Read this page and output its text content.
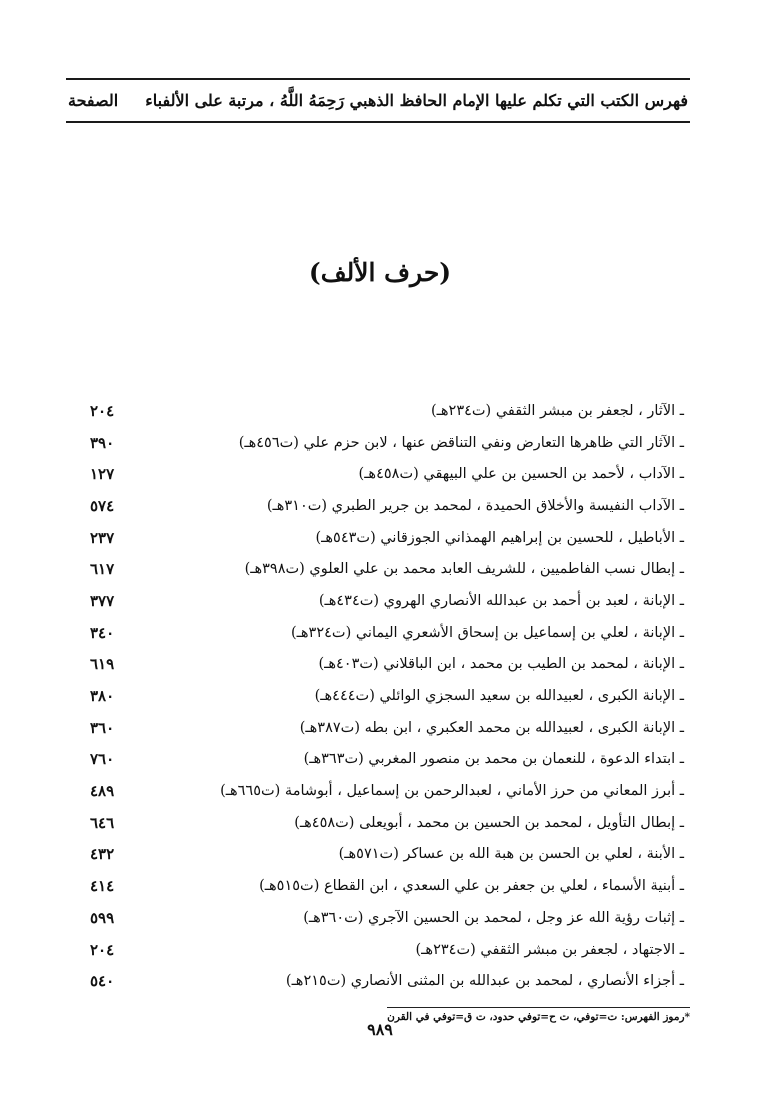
فهرس الكتب التي تكلم عليها الإمام الحافظ الذهبي رَحِمَهُ اللَّهُ ، مرتبة على الألفباء
الصفحة
(حرف الألف)
ـ الآثار ، لجعفر بن مبشر الثقفي (ت٢٣٤هـ)
٢٠٤
ـ الآثار التي ظاهرها التعارض ونفي التناقض عنها ، لابن حزم علي (ت٤٥٦هـ)
٣٩٠
ـ الآداب ، لأحمد بن الحسين بن علي البيهقي (ت٤٥٨هـ)
١٢٧
ـ الآداب النفيسة والأخلاق الحميدة ، لمحمد بن جرير الطبري (ت٣١٠هـ)
٥٧٤
ـ الأباطيل ، للحسين بن إبراهيم الهمذاني الجوزقاني (ت٥٤٣هـ)
٢٣٧
ـ إبطال نسب الفاطميين ، للشريف العابد محمد بن علي العلوي (ت٣٩٨هـ)
٦١٧
ـ الإبانة ، لعبد بن أحمد بن عبدالله الأنصاري الهروي (ت٤٣٤هـ)
٣٧٧
ـ الإبانة ، لعلي بن إسماعيل بن إسحاق الأشعري اليماني (ت٣٢٤هـ)
٣٤٠
ـ الإبانة ، لمحمد بن الطيب بن محمد ، ابن الباقلاني (ت٤٠٣هـ)
٦١٩
ـ الإبانة الكبرى ، لعبيدالله بن سعيد السجزي الوائلي (ت٤٤٤هـ)
٣٨٠
ـ الإبانة الكبرى ، لعبيدالله بن محمد العكبري ، ابن بطه (ت٣٨٧هـ)
٣٦٠
ـ ابتداء الدعوة ، للنعمان بن محمد بن منصور المغربي (ت٣٦٣هـ)
٧٦٠
ـ أبرز المعاني من حرز الأماني ، لعبدالرحمن بن إسماعيل ، أبوشامة (ت٦٦٥هـ)
٤٨٩
ـ إبطال التأويل ، لمحمد بن الحسين بن محمد ، أبويعلى (ت٤٥٨هـ)
٦٤٦
ـ الأبنة ، لعلي بن الحسن بن هبة الله بن عساكر (ت٥٧١هـ)
٤٣٢
ـ أبنية الأسماء ، لعلي بن جعفر بن علي السعدي ، ابن القطاع (ت٥١٥هـ)
٤١٤
ـ إثبات رؤية الله عز وجل ، لمحمد بن الحسين الآجري (ت٣٦٠هـ)
٥٩٩
ـ الاجتهاد ، لجعفر بن مبشر الثقفي (ت٢٣٤هـ)
٢٠٤
ـ أجزاء الأنصاري ، لمحمد بن عبدالله بن المثنى الأنصاري (ت٢١٥هـ)
٥٤٠
*رموز الفهرس: ت=توفي، ت ح=توفي حدود، ت ق=توفي في القرن
٩٨٩
